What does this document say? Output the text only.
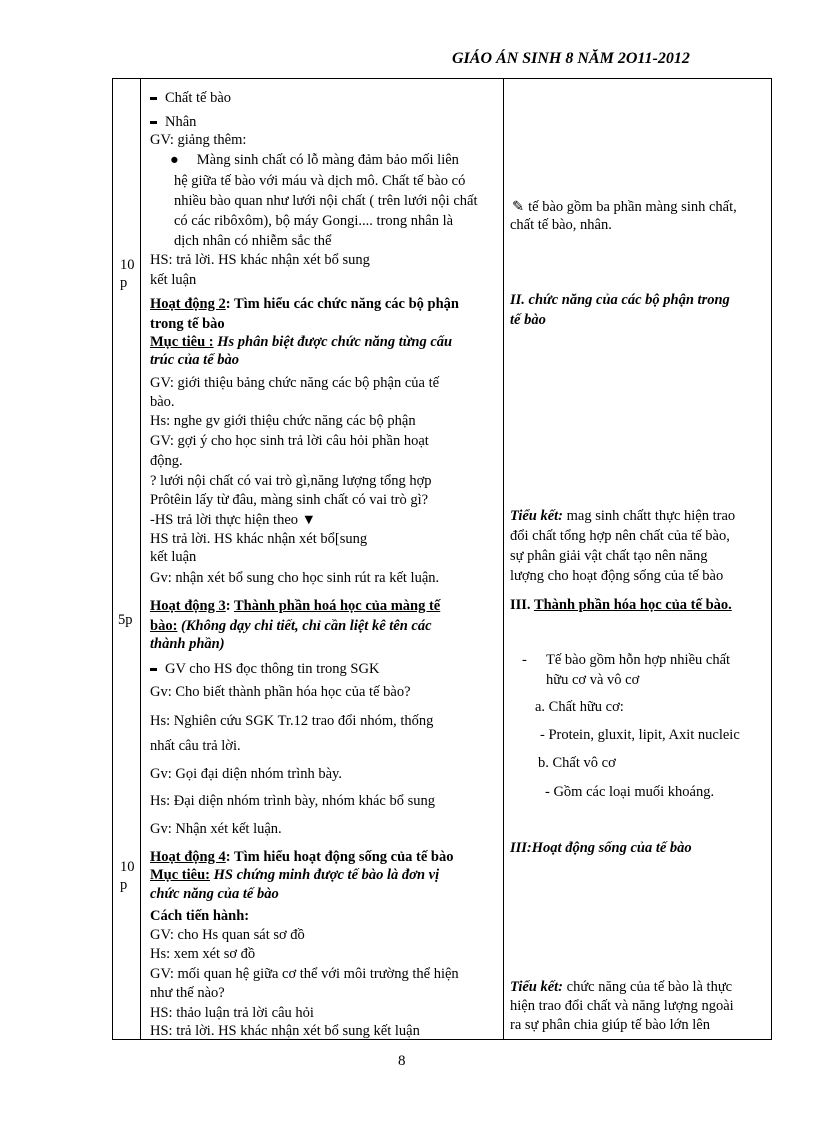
GIÁO ÁN SINH 8 NĂM 2O11-2012
10
p
5p
10
p
Chất tế bào
Nhân
GV: giảng thêm:
● Màng sinh chất có lỗ màng đảm bảo mối liên
hệ giữa tế bào với máu và dịch mô. Chất tế bào có
nhiều bào quan như lưới nội chất ( trên lưới nội chất
có các ribôxôm), bộ máy Gongi.... trong nhân là
dịch nhân có nhiễm sắc thể
HS: trả lời. HS khác nhận xét bổ sung
kết luận
Hoạt động 2: Tìm hiểu các chức năng các bộ phận
trong tế bào
Mục tiêu : Hs phân biệt được chức năng từng cấu
trúc của tế bào
GV: giới thiệu bảng chức năng các bộ phận của tế
bào.
Hs: nghe gv giới thiệu chức năng các bộ phận
GV: gợi ý cho học sinh trả lời câu hỏi phần hoạt
động.
? lưới nội chất có vai trò gì,năng lượng tổng hợp
Prôtêin lấy từ đâu, màng sinh chất có vai trò gì?
-HS trả lời thực hiện theo ▼
HS trả lời. HS khác nhận xét bổ[sung
kết luận
Gv: nhận xét bổ sung cho học sinh rút ra kết luận.
Hoạt động 3: Thành phần hoá học của màng tế
bào: (Không dạy chi tiết, chỉ cần liệt kê tên các
thành phần)
GV cho HS đọc thông tin trong SGK
Gv: Cho biết thành phần hóa học của tế bào?
Hs: Nghiên cứu SGK Tr.12 trao đổi nhóm, thống
nhất câu trả lời.
Gv: Gọi đại diện nhóm trình bày.
Hs: Đại diện nhóm trình bày, nhóm khác bổ sung
Gv: Nhận xét kết luận.
Hoạt động 4: Tìm hiểu hoạt động sống của tế bào
Mục tiêu: HS chứng minh được tế bào là đơn vị
chức năng của tế bào
Cách tiến hành:
GV: cho Hs quan sát sơ đồ
Hs: xem xét sơ đồ
GV: mối quan hệ giữa cơ thể với môi trường thể hiện
như thế nào?
HS: thảo luận trả lời câu hỏi
HS: trả lời. HS khác nhận xét bổ sung kết luận
✎ tế bào gồm ba phần màng sinh chất,
chất tế bào, nhân.
II. chức năng của các bộ phận trong
tế bào
Tiểu kết: mag sinh chấtt thực hiện trao
đổi chất tổng hợp nên chất của tế bào,
sự phân giải vật chất tạo nên năng
lượng cho hoạt động sống của tế bào
III. Thành phần hóa học của tế bào.
- Tế bào gồm hỗn hợp nhiều chất
hữu cơ và vô cơ
a. Chất hữu cơ:
- Protein, gluxit, lipit, Axit nucleic
b. Chất vô cơ
- Gồm các loại muối khoáng.
III:Hoạt động sống của tế bào
Tiểu kết: chức năng của tế bào là thực
hiện trao đổi chất và năng lượng ngoài
ra sự phân chia giúp tế bào lớn lên
8
